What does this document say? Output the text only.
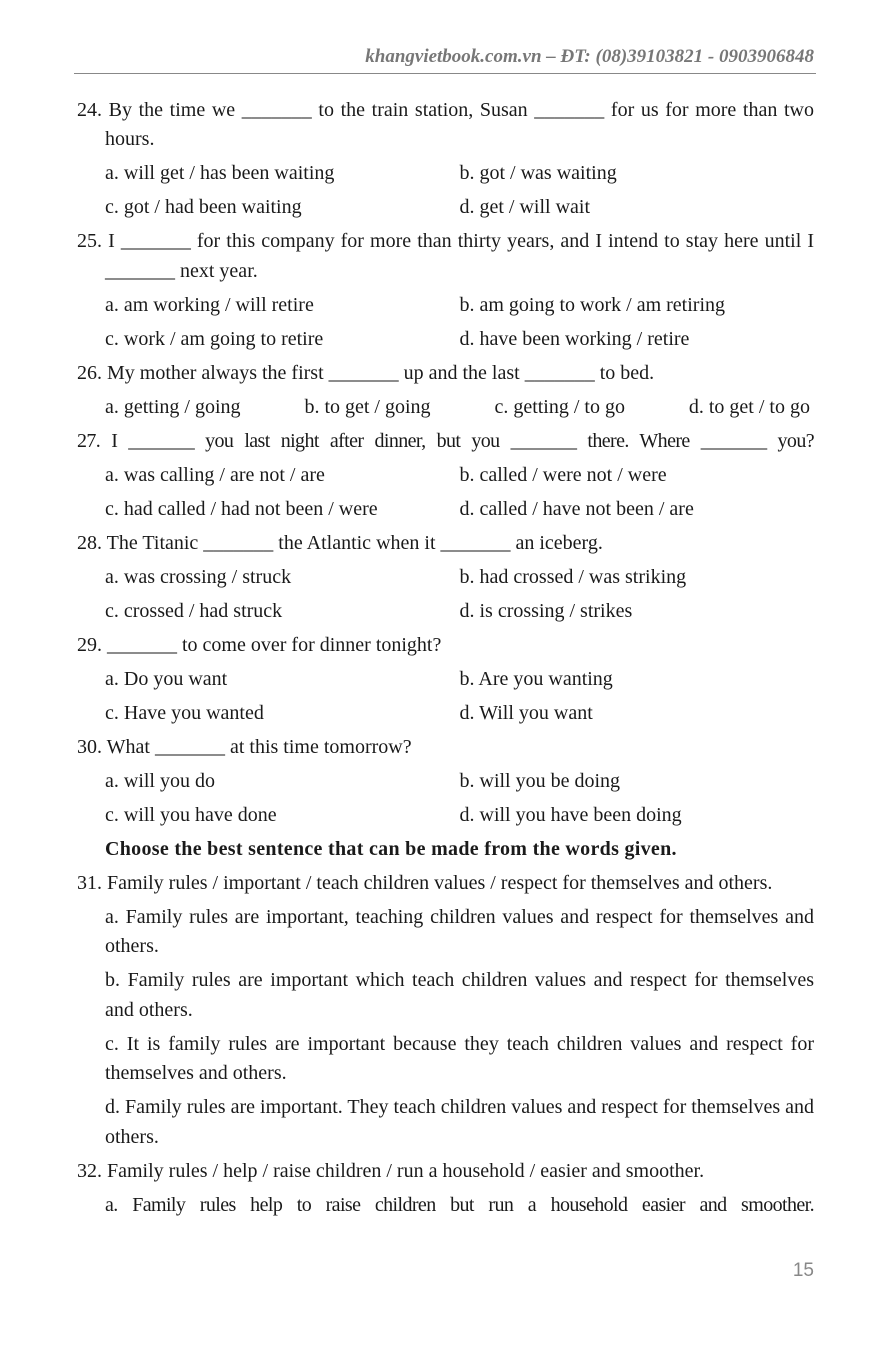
khangvietbook.com.vn – ĐT: (08)39103821 - 0903906848
24. By the time we _______ to the train station, Susan _______ for us for more than two hours.
a. will get / has been waiting	b. got / was waiting
c. got / had been waiting	d. get / will wait
25. I _______ for this company for more than thirty years, and I intend to stay here until I _______ next year.
a. am working / will retire	b. am going to work / am retiring
c. work / am going to retire	d. have been working / retire
26. My mother always the first _______ up and the last _______ to bed.
a. getting / going	b. to get / going	c. getting / to go	d. to get / to go
27. I _______ you last night after dinner, but you _______ there. Where _______ you?
a. was calling / are not / are	b. called / were not / were
c. had called / had not been / were	d. called / have not been / are
28. The Titanic _______ the Atlantic when it _______ an iceberg.
a. was crossing / struck	b. had crossed / was striking
c. crossed / had struck	d. is crossing / strikes
29. _______ to come over for dinner tonight?
a. Do you want	b. Are you wanting
c. Have you wanted	d. Will you want
30. What _______ at this time tomorrow?
a. will you do	b. will you be doing
c. will you have done	d. will you have been doing
Choose the best sentence that can be made from the words given.
31. Family rules / important / teach children values / respect for themselves and others.
a. Family rules are important, teaching children values and respect for themselves and others.
b. Family rules are important which teach children values and respect for themselves and others.
c. It is family rules are important because they teach children values and respect for themselves and others.
d. Family rules are important. They teach children values and respect for themselves and others.
32. Family rules / help / raise children / run a household / easier and smoother.
a. Family rules help to raise children but run a household easier and smoother.
15
